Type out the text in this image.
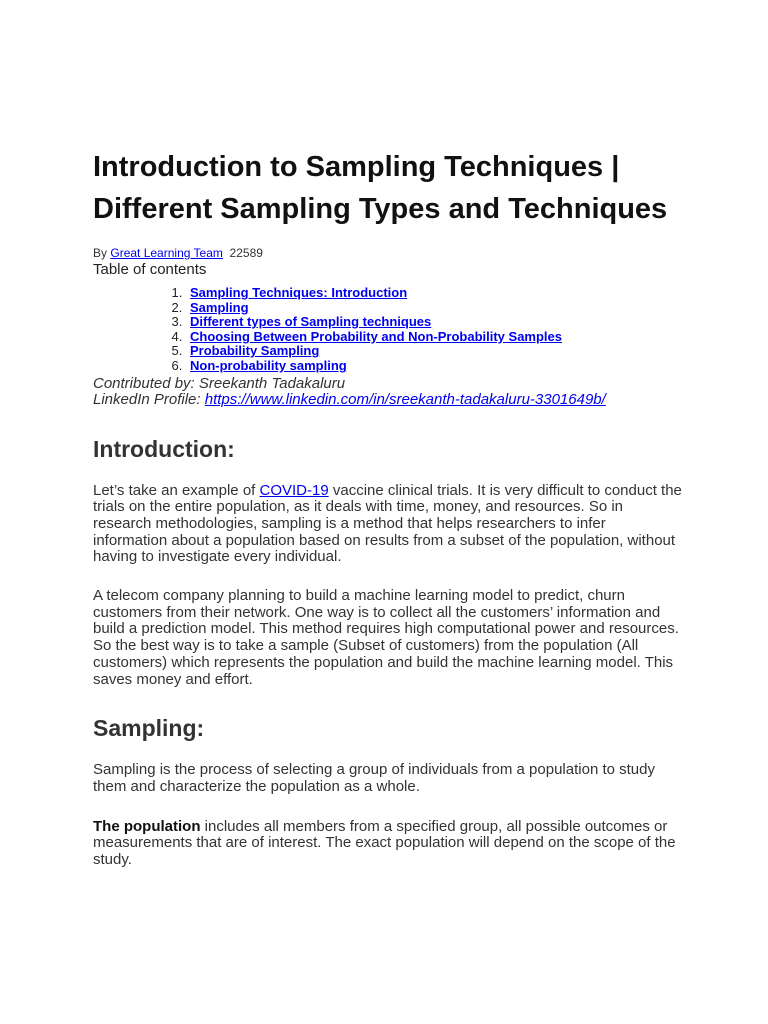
Introduction to Sampling Techniques | Different Sampling Types and Techniques
By Great Learning Team 22589
Table of contents
1. Sampling Techniques: Introduction
2. Sampling
3. Different types of Sampling techniques
4. Choosing Between Probability and Non-Probability Samples
5. Probability Sampling
6. Non-probability sampling
Contributed by: Sreekanth Tadakaluru
LinkedIn Profile: https://www.linkedin.com/in/sreekanth-tadakaluru-3301649b/
Introduction:

Let’s take an example of COVID-19 vaccine clinical trials. It is very difficult to conduct the trials on the entire population, as it deals with time, money, and resources. So in research methodologies, sampling is a method that helps researchers to infer information about a population based on results from a subset of the population, without having to investigate every individual.

A telecom company planning to build a machine learning model to predict, churn customers from their network. One way is to collect all the customers’ information and build a prediction model. This method requires high computational power and resources. So the best way is to take a sample (Subset of customers) from the population (All customers) which represents the population and build the machine learning model. This saves money and effort.

Sampling:

Sampling is the process of selecting a group of individuals from a population to study them and characterize the population as a whole.

The population includes all members from a specified group, all possible outcomes or measurements that are of interest. The exact population will depend on the scope of the study.
